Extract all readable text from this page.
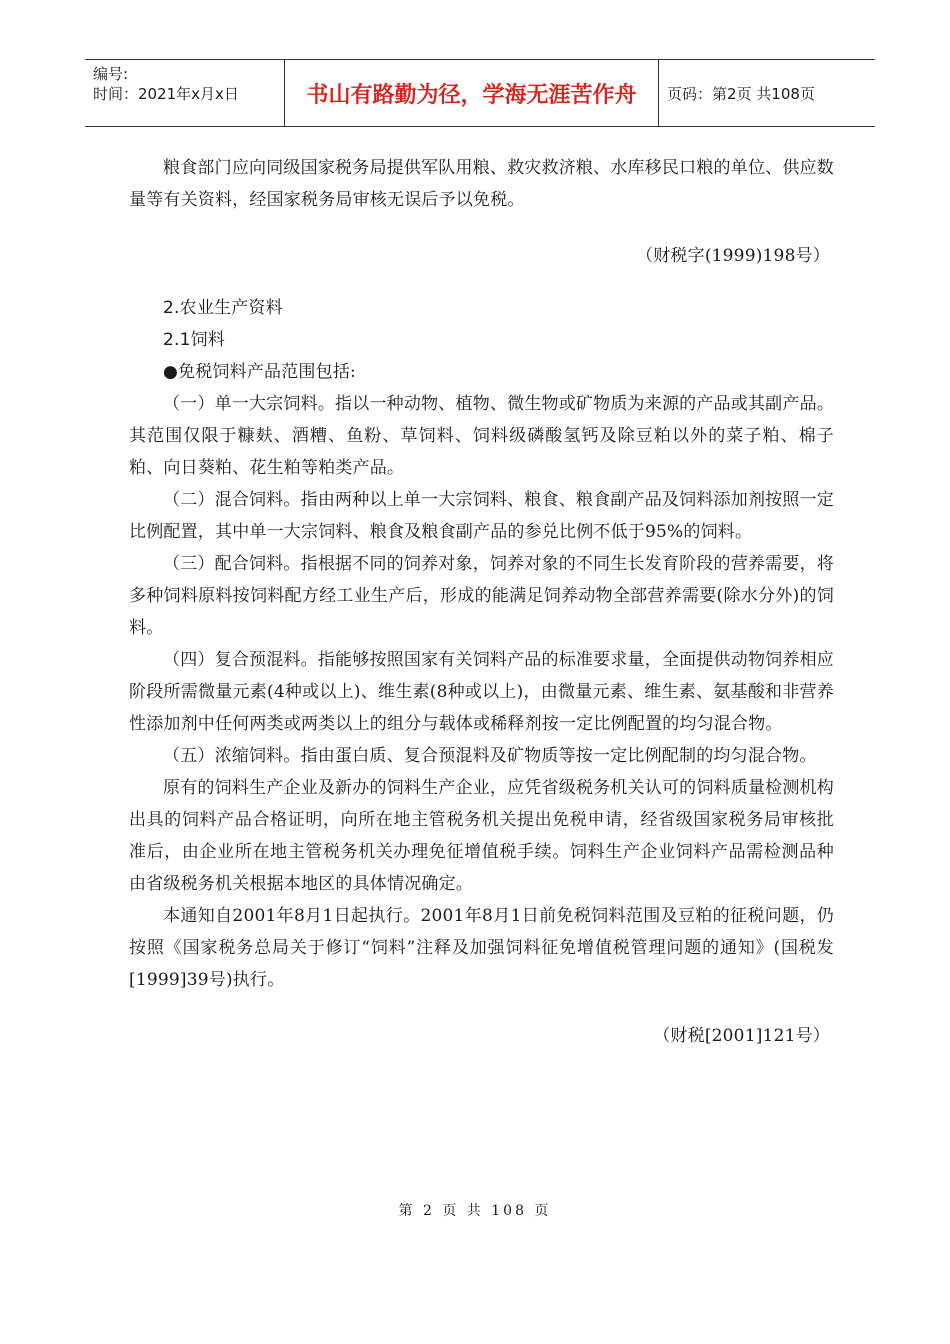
编号:
时间：2021年x月x日	书山有路勤为径，学海无涯苦作舟	页码：第2页 共108页

粮食部门应向同级国家税务局提供军队用粮、救灾救济粮、水库移民口粮的单位、供应数量等有关资料，经国家税务局审核无误后予以免税。

（财税字(1999)198号）

2.农业生产资料

2.1饲料

●免税饲料产品范围包括:

（一）单一大宗饲料。指以一种动物、植物、微生物或矿物质为来源的产品或其副产品。其范围仅限于糠麸、酒糟、鱼粉、草饲料、饲料级磷酸氢钙及除豆粕以外的菜子粕、棉子粕、向日葵粕、花生粕等粕类产品。

（二）混合饲料。指由两种以上单一大宗饲料、粮食、粮食副产品及饲料添加剂按照一定比例配置，其中单一大宗饲料、粮食及粮食副产品的参兑比例不低于95%的饲料。

（三）配合饲料。指根据不同的饲养对象，饲养对象的不同生长发育阶段的营养需要，将多种饲料原料按饲料配方经工业生产后，形成的能满足饲养动物全部营养需要(除水分外)的饲料。

（四）复合预混料。指能够按照国家有关饲料产品的标准要求量，全面提供动物饲养相应阶段所需微量元素(4种或以上)、维生素(8种或以上)，由微量元素、维生素、氨基酸和非营养性添加剂中任何两类或两类以上的组分与载体或稀释剂按一定比例配置的均匀混合物。

（五）浓缩饲料。指由蛋白质、复合预混料及矿物质等按一定比例配制的均匀混合物。

原有的饲料生产企业及新办的饲料生产企业，应凭省级税务机关认可的饲料质量检测机构出具的饲料产品合格证明，向所在地主管税务机关提出免税申请，经省级国家税务局审核批准后，由企业所在地主管税务机关办理免征增值税手续。饲料生产企业饲料产品需检测品种由省级税务机关根据本地区的具体情况确定。

本通知自2001年8月1日起执行。2001年8月1日前免税饲料范围及豆粕的征税问题，仍按照《国家税务总局关于修订“饲料”注释及加强饲料征免增值税管理问题的通知》(国税发[1999]39号)执行。

（财税[2001]121号）

第 2 页 共 108 页
